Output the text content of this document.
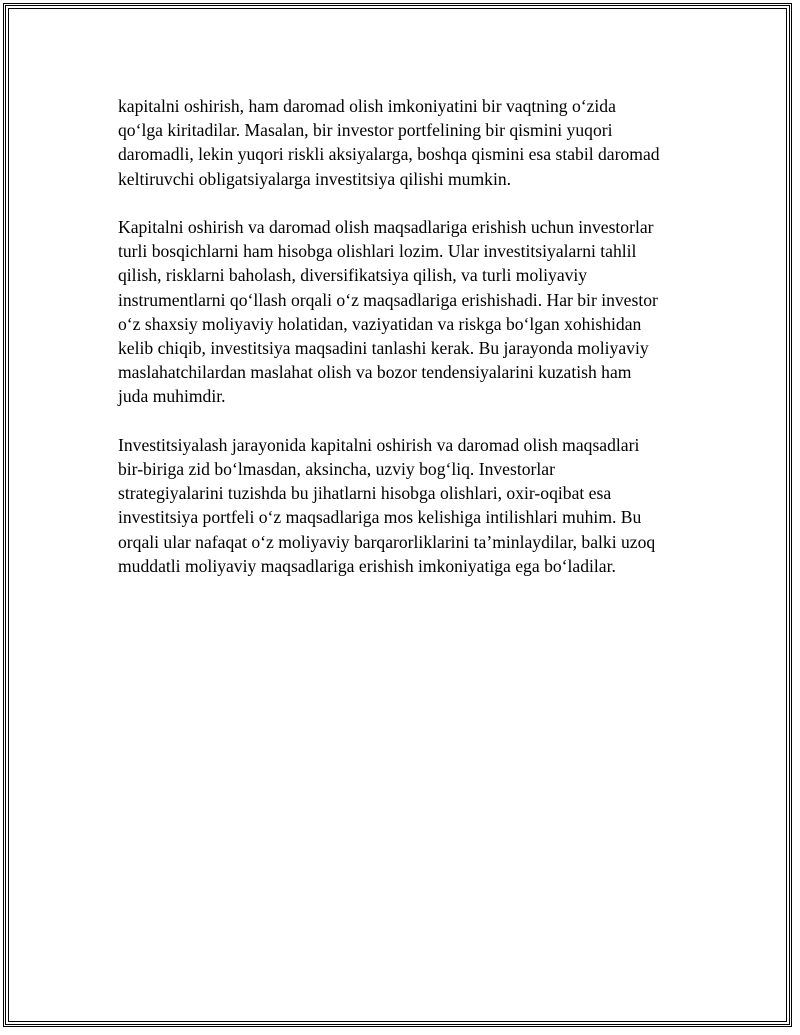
kapitalni oshirish, ham daromad olish imkoniyatini bir vaqtning o‘zida
qo‘lga kiritadilar. Masalan, bir investor portfelining bir qismini yuqori
daromadli, lekin yuqori riskli aksiyalarga, boshqa qismini esa stabil daromad
keltiruvchi obligatsiyalarga investitsiya qilishi mumkin.

Kapitalni oshirish va daromad olish maqsadlariga erishish uchun investorlar
turli bosqichlarni ham hisobga olishlari lozim. Ular investitsiyalarni tahlil
qilish, risklarni baholash, diversifikatsiya qilish, va turli moliyaviy
instrumentlarni qo‘llash orqali o‘z maqsadlariga erishishadi. Har bir investor
o‘z shaxsiy moliyaviy holatidan, vaziyatidan va riskga bo‘lgan xohishidan
kelib chiqib, investitsiya maqsadini tanlashi kerak. Bu jarayonda moliyaviy
maslahatchilardan maslahat olish va bozor tendensiyalarini kuzatish ham
juda muhimdir.

Investitsiyalash jarayonida kapitalni oshirish va daromad olish maqsadlari
bir-biriga zid bo‘lmasdan, aksincha, uzviy bog‘liq. Investorlar
strategiyalarini tuzishda bu jihatlarni hisobga olishlari, oxir-oqibat esa
investitsiya portfeli o‘z maqsadlariga mos kelishiga intilishlari muhim. Bu
orqali ular nafaqat o‘z moliyaviy barqarorliklarini ta’minlaydilar, balki uzoq
muddatli moliyaviy maqsadlariga erishish imkoniyatiga ega bo‘ladilar.
